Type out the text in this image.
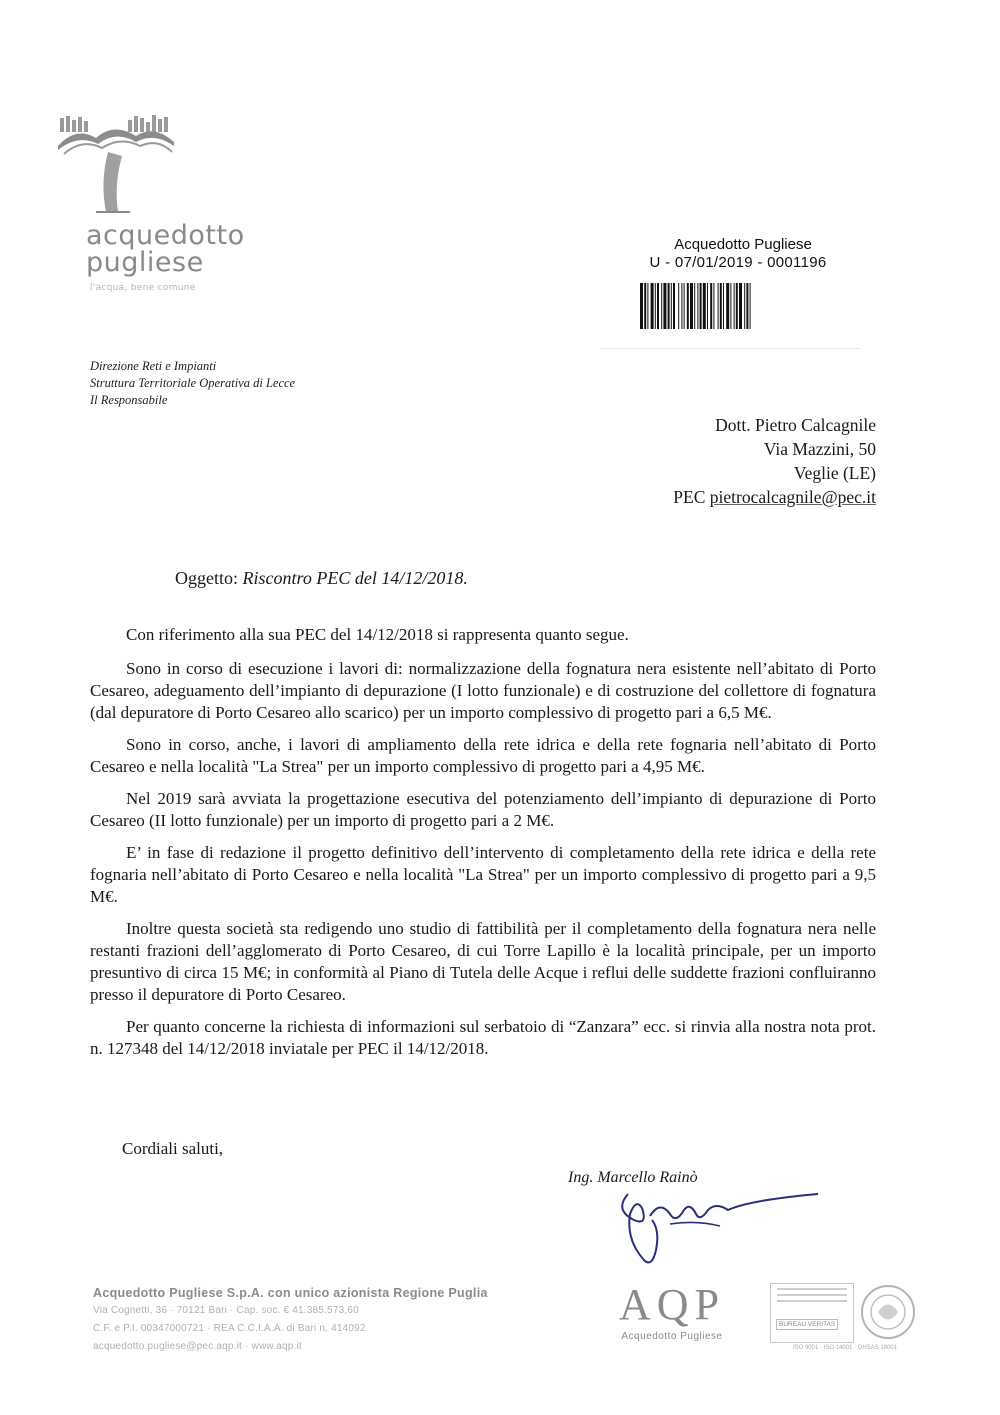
acquedotto
pugliese
l'acqua, bene comune
Acquedotto Pugliese
U - 07/01/2019 - 0001196
Direzione Reti e Impianti
Struttura Territoriale Operativa di Lecce
Il Responsabile
Dott. Pietro Calcagnile
Via Mazzini, 50
Veglie (LE)
PEC pietrocalcagnile@pec.it
Oggetto: Riscontro PEC del 14/12/2018.

Con riferimento alla sua PEC del 14/12/2018 si rappresenta quanto segue.

Sono in corso di esecuzione i lavori di: normalizzazione della fognatura nera esistente nell’abitato di Porto Cesareo, adeguamento dell’impianto di depurazione (I lotto funzionale) e di costruzione del collettore di fognatura (dal depuratore di Porto Cesareo allo scarico) per un importo complessivo di progetto pari a 6,5 M€.

Sono in corso, anche, i lavori di ampliamento della rete idrica e della rete fognaria nell’abitato di Porto Cesareo e nella località "La Strea" per un importo complessivo di progetto pari a 4,95 M€.

Nel 2019 sarà avviata la progettazione esecutiva del potenziamento dell’impianto di depurazione di Porto Cesareo (II lotto funzionale) per un importo di progetto pari a 2 M€.

E’ in fase di redazione il progetto definitivo dell’intervento di completamento della rete idrica e della rete fognaria nell’abitato di Porto Cesareo e nella località "La Strea" per un importo complessivo di progetto pari a 9,5 M€.

Inoltre questa società sta redigendo uno studio di fattibilità per il completamento della fognatura nera nelle restanti frazioni dell’agglomerato di Porto Cesareo, di cui Torre Lapillo è la località principale, per un importo presuntivo di circa 15 M€; in conformità al Piano di Tutela delle Acque i reflui delle suddette frazioni confluiranno presso il depuratore di Porto Cesareo.

Per quanto concerne la richiesta di informazioni sul serbatoio di “Zanzara” ecc. si rinvia alla nostra nota prot. n. 127348 del 14/12/2018 inviatale per PEC il 14/12/2018.

Cordiali saluti,
Ing. Marcello Rainò
Acquedotto Pugliese S.p.A. con unico azionista Regione Puglia
Via Cognetti, 36 · 70121 Bari · Cap. soc. € 41.385.573,60
C.F. e P.I. 00347000721 · REA C.C.I.A.A. di Bari n. 414092
acquedotto.pugliese@pec.aqp.it · www.aqp.it
AQP
Acquedotto Pugliese
BUREAU VERITAS
ISO 9001 · ISO 14001 · OHSAS 18001
